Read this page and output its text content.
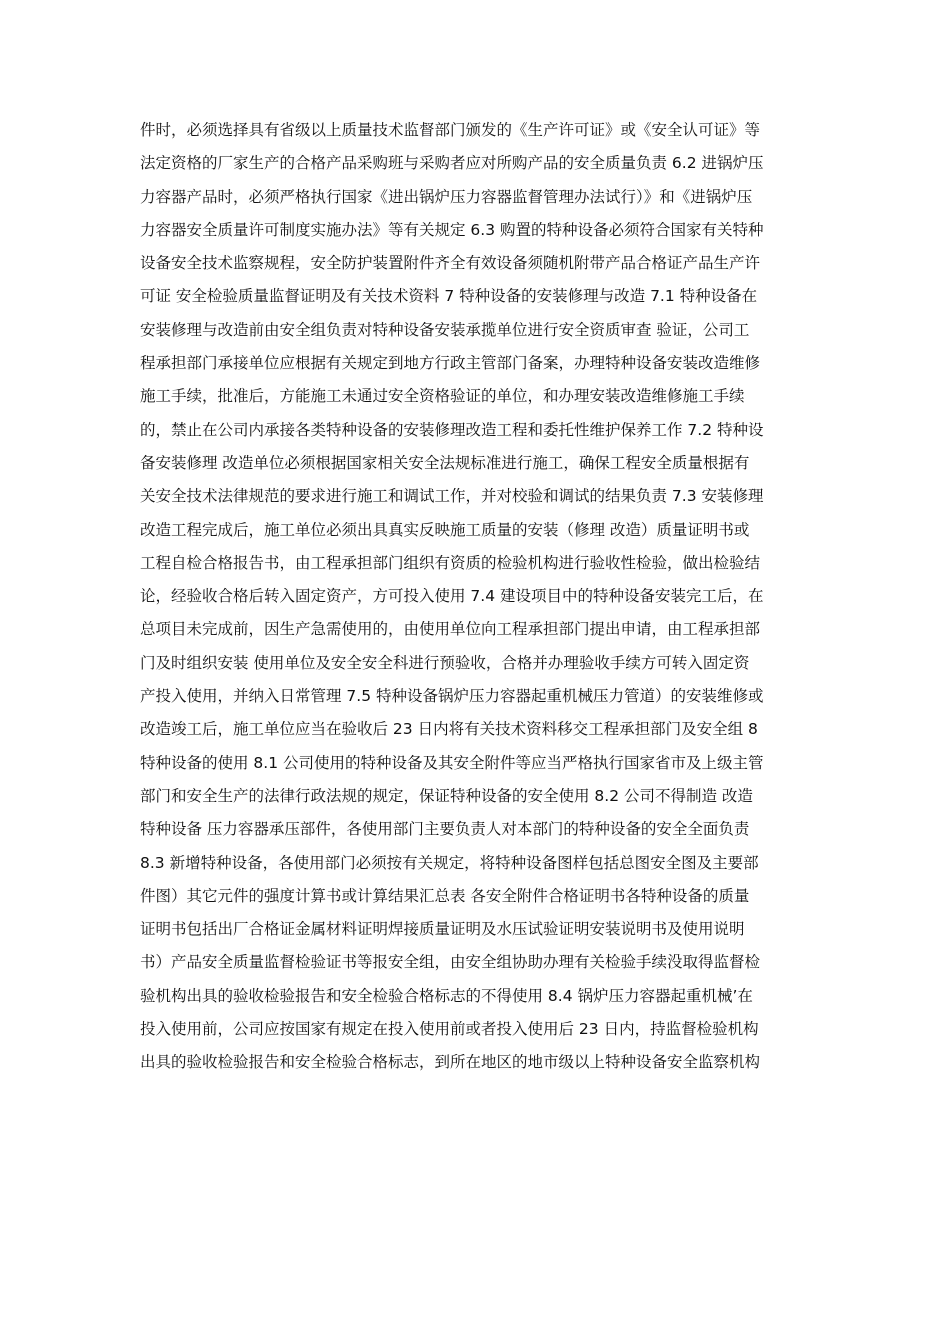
件时，必须选择具有省级以上质量技术监督部门颁发的《生产许可证》或《安全认可证》等
法定资格的厂家生产的合格产品采购班与采购者应对所购产品的安全质量负责 6.2 进锅炉压
力容器产品时，必须严格执行国家《进出锅炉压力容器监督管理办法试行）》和《进锅炉压
力容器安全质量许可制度实施办法》等有关规定 6.3 购置的特种设备必须符合国家有关特种
设备安全技术监察规程，安全防护装置附件齐全有效设备须随机附带产品合格证产品生产许
可证 安全检验质量监督证明及有关技术资料 7 特种设备的安装修理与改造 7.1 特种设备在
安装修理与改造前由安全组负责对特种设备安装承揽单位进行安全资质审查 验证，公司工
程承担部门承接单位应根据有关规定到地方行政主管部门备案，办理特种设备安装改造维修
施工手续，批准后，方能施工未通过安全资格验证的单位，和办理安装改造维修施工手续
的，禁止在公司内承接各类特种设备的安装修理改造工程和委托性维护保养工作 7.2 特种设
备安装修理 改造单位必须根据国家相关安全法规标准进行施工，确保工程安全质量根据有
关安全技术法律规范的要求进行施工和调试工作，并对校验和调试的结果负责 7.3 安装修理
改造工程完成后，施工单位必须出具真实反映施工质量的安装（修理 改造）质量证明书或
工程自检合格报告书，由工程承担部门组织有资质的检验机构进行验收性检验，做出检验结
论，经验收合格后转入固定资产，方可投入使用 7.4 建设项目中的特种设备安装完工后，在
总项目未完成前，因生产急需使用的，由使用单位向工程承担部门提出申请，由工程承担部
门及时组织安装 使用单位及安全安全科进行预验收，合格并办理验收手续方可转入固定资
产投入使用，并纳入日常管理 7.5 特种设备锅炉压力容器起重机械压力管道）的安装维修或
改造竣工后，施工单位应当在验收后 23 日内将有关技术资料移交工程承担部门及安全组 8
特种设备的使用 8.1 公司使用的特种设备及其安全附件等应当严格执行国家省市及上级主管
部门和安全生产的法律行政法规的规定，保证特种设备的安全使用 8.2 公司不得制造 改造
特种设备 压力容器承压部件，各使用部门主要负责人对本部门的特种设备的安全全面负责
8.3 新增特种设备，各使用部门必须按有关规定，将特种设备图样包括总图安全图及主要部
件图）其它元件的强度计算书或计算结果汇总表 各安全附件合格证明书各特种设备的质量
证明书包括出厂合格证金属材料证明焊接质量证明及水压试验证明安装说明书及使用说明
书）产品安全质量监督检验证书等报安全组，由安全组协助办理有关检验手续没取得监督检
验机构出具的验收检验报告和安全检验合格标志的不得使用 8.4 锅炉压力容器起重机械’在
投入使用前，公司应按国家有规定在投入使用前或者投入使用后 23 日内，持监督检验机构
出具的验收检验报告和安全检验合格标志，到所在地区的地市级以上特种设备安全监察机构
